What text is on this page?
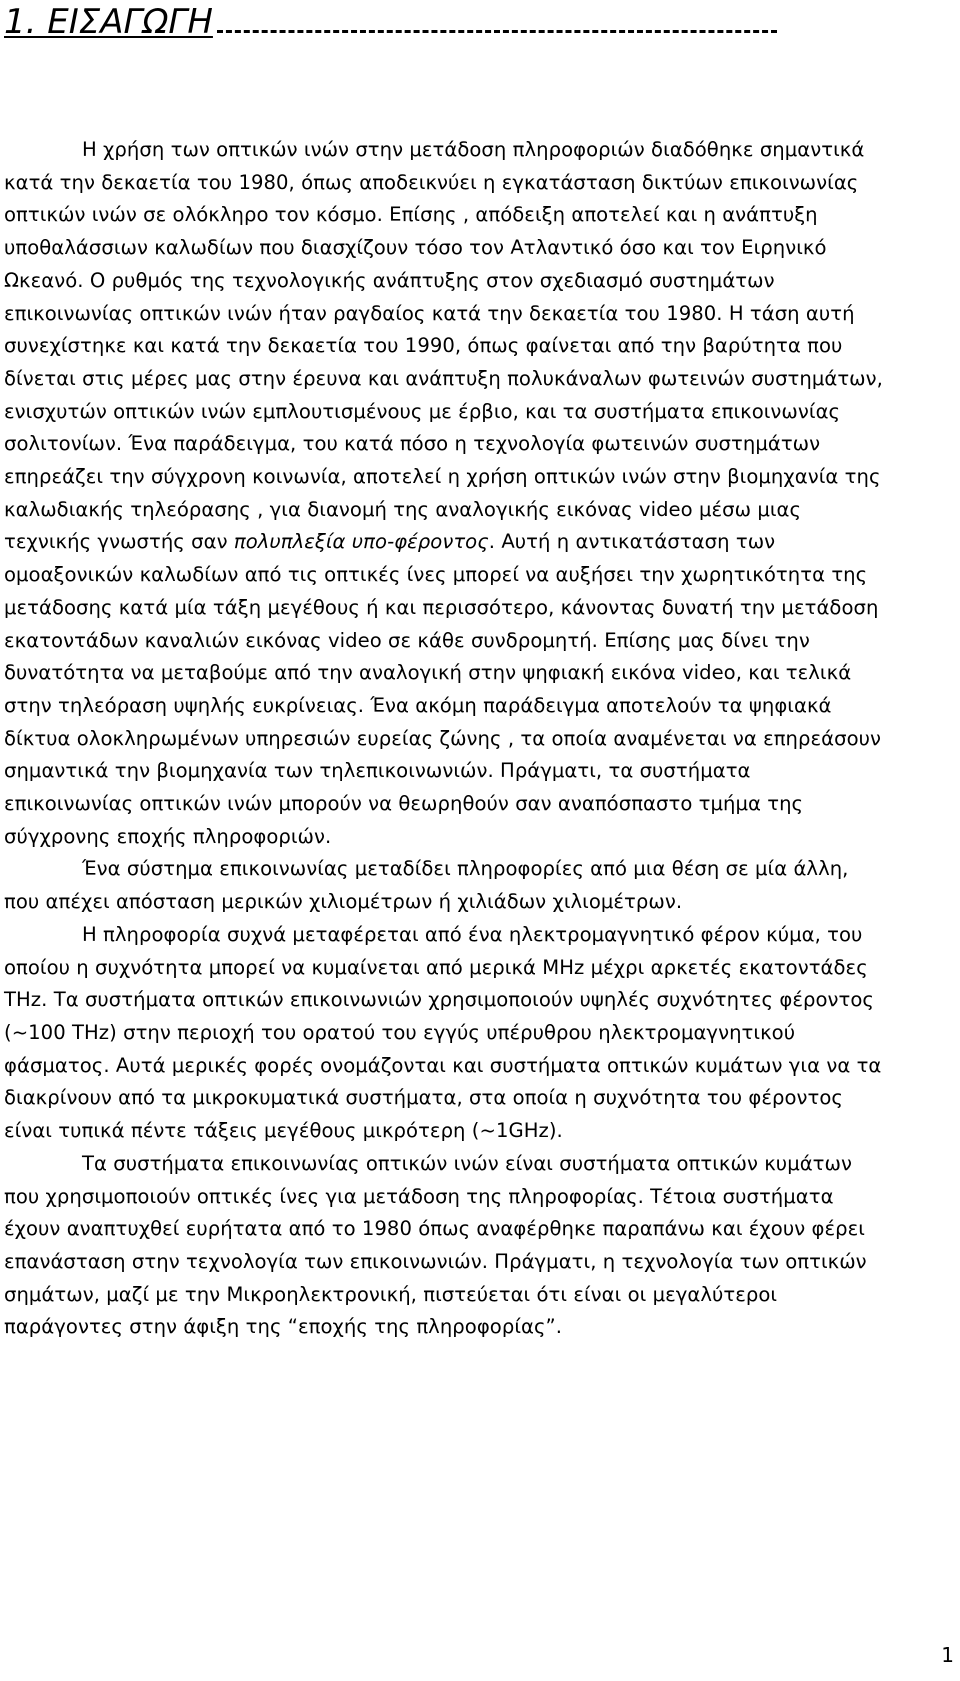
1. ΕΙΣΑΓΩΓΗ

Η χρήση των οπτικών ινών στην μετάδοση πληροφοριών διαδόθηκε σημαντικά κατά την δεκαετία του 1980, όπως αποδεικνύει η εγκατάσταση δικτύων επικοινωνίας οπτικών ινών σε ολόκληρο τον κόσμο. Επίσης , απόδειξη αποτελεί και η ανάπτυξη υποθαλάσσιων καλωδίων που διασχίζουν τόσο τον Ατλαντικό όσο και τον Ειρηνικό Ωκεανό. Ο ρυθμός της τεχνολογικής ανάπτυξης στον σχεδιασμό συστημάτων επικοινωνίας οπτικών ινών ήταν ραγδαίος κατά την δεκαετία του 1980. Η τάση αυτή συνεχίστηκε και κατά την δεκαετία του 1990, όπως φαίνεται από την βαρύτητα που δίνεται στις μέρες μας στην έρευνα και ανάπτυξη πολυκάναλων φωτεινών συστημάτων, ενισχυτών οπτικών ινών εμπλουτισμένους με έρβιο, και τα συστήματα επικοινωνίας σολιτονίων. Ένα παράδειγμα, του κατά πόσο η τεχνολογία φωτεινών συστημάτων επηρεάζει την σύγχρονη κοινωνία, αποτελεί η χρήση οπτικών ινών στην βιομηχανία της καλωδιακής τηλεόρασης , για διανομή της αναλογικής εικόνας video μέσω μιας τεχνικής γνωστής σαν πολυπλεξία υπο-φέροντος. Αυτή η αντικατάσταση των ομοαξονικών καλωδίων από τις οπτικές ίνες μπορεί να αυξήσει την χωρητικότητα της μετάδοσης κατά μία τάξη μεγέθους ή και περισσότερο, κάνοντας δυνατή την μετάδοση εκατοντάδων καναλιών εικόνας video σε κάθε συνδρομητή. Επίσης μας δίνει την δυνατότητα να μεταβούμε από την αναλογική στην ψηφιακή εικόνα video, και τελικά στην τηλεόραση υψηλής ευκρίνειας. Ένα ακόμη παράδειγμα αποτελούν τα ψηφιακά δίκτυα ολοκληρωμένων υπηρεσιών ευρείας ζώνης , τα οποία αναμένεται να επηρεάσουν σημαντικά την βιομηχανία των τηλεπικοινωνιών. Πράγματι, τα συστήματα επικοινωνίας οπτικών ινών μπορούν να θεωρηθούν σαν αναπόσπαστο τμήμα της σύγχρονης εποχής πληροφοριών.

Ένα σύστημα επικοινωνίας μεταδίδει πληροφορίες από μια θέση σε μία άλλη, που απέχει απόσταση μερικών χιλιομέτρων ή χιλιάδων χιλιομέτρων.

Η πληροφορία συχνά μεταφέρεται από ένα ηλεκτρομαγνητικό φέρον κύμα, του οποίου η συχνότητα μπορεί να κυμαίνεται από μερικά MHz μέχρι αρκετές εκατοντάδες THz. Τα συστήματα οπτικών επικοινωνιών χρησιμοποιούν υψηλές συχνότητες φέροντος (~100 THz) στην περιοχή του ορατού του εγγύς υπέρυθρου ηλεκτρομαγνητικού φάσματος. Αυτά μερικές φορές ονομάζονται και συστήματα οπτικών κυμάτων για να τα διακρίνουν από τα μικροκυματικά συστήματα, στα οποία η συχνότητα του φέροντος είναι τυπικά πέντε τάξεις μεγέθους μικρότερη (~1GHz).

Τα συστήματα επικοινωνίας οπτικών ινών είναι συστήματα οπτικών κυμάτων που χρησιμοποιούν οπτικές ίνες για μετάδοση της πληροφορίας. Τέτοια συστήματα έχουν αναπτυχθεί ευρήτατα από το 1980 όπως αναφέρθηκε παραπάνω και έχουν φέρει επανάσταση στην τεχνολογία των επικοινωνιών. Πράγματι, η τεχνολογία των οπτικών σημάτων, μαζί με την Μικροηλεκτρονική, πιστεύεται ότι είναι οι μεγαλύτεροι παράγοντες στην άφιξη της “εποχής της πληροφορίας”.

1
